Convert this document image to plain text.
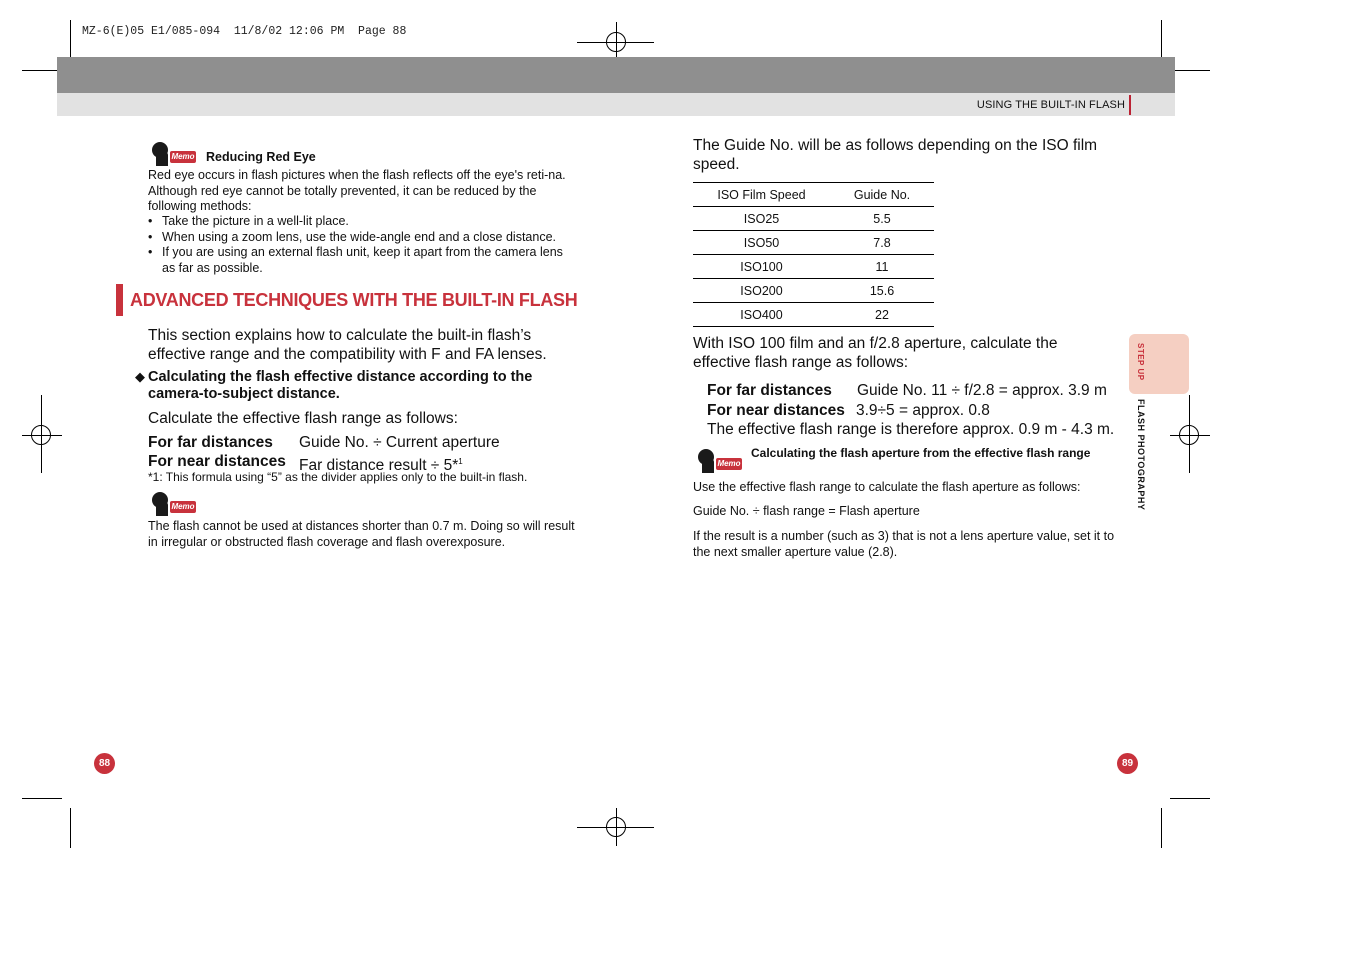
MZ-6(E)05 E1/085-094  11/8/02 12:06 PM  Page 88
USING THE BUILT-IN FLASH
Memo Reducing Red Eye
Red eye occurs in flash pictures when the flash reflects off the eye's reti-na. Although red eye cannot be totally prevented, it can be reduced by the following methods:
• Take the picture in a well-lit place.
• When using a zoom lens, use the wide-angle end and a close distance.
• If you are using an external flash unit, keep it apart from the camera lens as far as possible.
ADVANCED TECHNIQUES WITH THE BUILT-IN FLASH
This section explains how to calculate the built-in flash’s effective range and the compatibility with F and FA lenses.
◆ Calculating the flash effective distance according to the camera-to-subject distance.
Calculate the effective flash range as follows:
For far distances Guide No. ÷ Current aperture
For near distances Far distance result ÷ 5*$^1$
*1: This formula using “5” as the divider applies only to the built-in flash.
Memo
The flash cannot be used at distances shorter than 0.7 m. Doing so will result in irregular or obstructed flash coverage and flash overexposure.
88
The Guide No. will be as follows depending on the ISO film speed.
ISO Film Speed	Guide No.
ISO25	5.5
ISO50	7.8
ISO100	11
ISO200	15.6
ISO400	22
With ISO 100 film and an f/2.8 aperture, calculate the effective flash range as follows:
For far distances Guide No. 11 ÷ f/2.8 = approx. 3.9 m
For near distances 3.9÷5 = approx. 0.8
The effective flash range is therefore approx. 0.9 m - 4.3 m.
Memo
Calculating the flash aperture from the effective flash range
Use the effective flash range to calculate the flash aperture as follows:
Guide No. ÷ flash range = Flash aperture
If the result is a number (such as 3) that is not a lens aperture value, set it to the next smaller aperture value (2.8).
STEP UP
FLASH PHOTOGRAPHY
89
